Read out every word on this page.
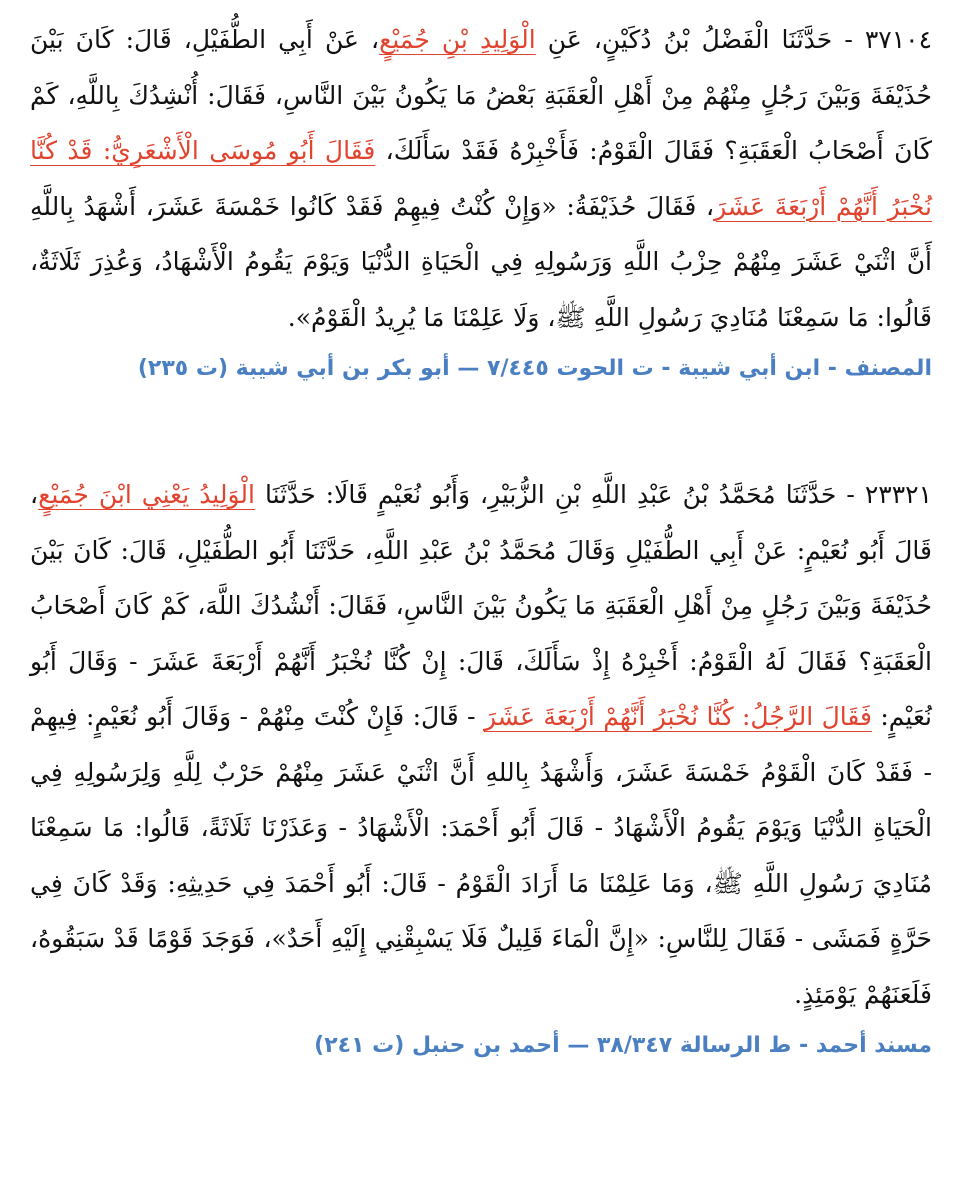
٣٧١٠٤ - حَدَّثَنَا الْفَضْلُ بْنُ دُكَيْنٍ، عَنِ الْوَلِيدِ بْنِ جُمَيْعٍ، عَنْ أَبِي الطُّفَيْلِ، قَالَ: كَانَ بَيْنَ حُذَيْفَةَ وَبَيْنَ رَجُلٍ مِنْهُمْ مِنْ أَهْلِ الْعَقَبَةِ بَعْضُ مَا يَكُونُ بَيْنَ النَّاسِ، فَقَالَ: أُنْشِدُكَ بِاللَّهِ، كَمْ كَانَ أَصْحَابُ الْعَقَبَةِ؟ فَقَالَ الْقَوْمُ: فَأَخْبِرْهُ فَقَدْ سَأَلَكَ، فَقَالَ أَبُو مُوسَى الْأَشْعَرِيُّ: قَدْ كُنَّا نُخْبَرُ أَنَّهُمْ أَرْبَعَةَ عَشَرَ، فَقَالَ حُذَيْفَةُ: «وَإِنْ كُنْتُ فِيهِمْ فَقَدْ كَانُوا خَمْسَةَ عَشَرَ، أَشْهَدُ بِاللَّهِ أَنَّ اثْنَيْ عَشَرَ مِنْهُمْ حِزْبُ اللَّهِ وَرَسُولِهِ فِي الْحَيَاةِ الدُّنْيَا وَيَوْمَ يَقُومُ الْأَشْهَادُ، وَعُذِرَ ثَلَاثَةٌ، قَالُوا: مَا سَمِعْنَا مُنَادِيَ رَسُولِ اللَّهِ ﷺ، وَلَا عَلِمْنَا مَا يُرِيدُ الْقَوْمُ».

المصنف - ابن أبي شيبة - ت الحوت ٧/٤٤٥ — أبو بكر بن أبي شيبة (ت ٢٣٥)

٢٣٣٢١ - حَدَّثَنَا مُحَمَّدُ بْنُ عَبْدِ اللَّهِ بْنِ الزُّبَيْرِ، وَأَبُو نُعَيْمٍ قَالَا: حَدَّثَنَا الْوَلِيدُ يَعْنِي ابْنَ جُمَيْعٍ، قَالَ أَبُو نُعَيْمٍ: عَنْ أَبِي الطُّفَيْلِ وَقَالَ مُحَمَّدُ بْنُ عَبْدِ اللَّهِ، حَدَّثَنَا أَبُو الطُّفَيْلِ، قَالَ: كَانَ بَيْنَ حُذَيْفَةَ وَبَيْنَ رَجُلٍ مِنْ أَهْلِ الْعَقَبَةِ مَا يَكُونُ بَيْنَ النَّاسِ، فَقَالَ: أَنْشُدُكَ اللَّهَ، كَمْ كَانَ أَصْحَابُ الْعَقَبَةِ؟ فَقَالَ لَهُ الْقَوْمُ: أَخْبِرْهُ إِذْ سَأَلَكَ، قَالَ: إِنْ كُنَّا نُخْبَرُ أَنَّهُمْ أَرْبَعَةَ عَشَرَ - وَقَالَ أَبُو نُعَيْمٍ: فَقَالَ الرَّجُلُ: كُنَّا نُخْبَرُ أَنَّهُمْ أَرْبَعَةَ عَشَرَ - قَالَ: فَإِنْ كُنْتَ مِنْهُمْ - وَقَالَ أَبُو نُعَيْمٍ: فِيهِمْ - فَقَدْ كَانَ الْقَوْمُ خَمْسَةَ عَشَرَ، وَأَشْهَدُ بِاللهِ أَنَّ اثْنَيْ عَشَرَ مِنْهُمْ حَرْبٌ لِلَّهِ وَلِرَسُولِهِ فِي الْحَيَاةِ الدُّنْيَا وَيَوْمَ يَقُومُ الْأَشْهَادُ - قَالَ أَبُو أَحْمَدَ: الْأَشْهَادُ - وَعَذَرْنَا ثَلَاثَةً، قَالُوا: مَا سَمِعْنَا مُنَادِيَ رَسُولِ اللَّهِ ﷺ، وَمَا عَلِمْنَا مَا أَرَادَ الْقَوْمُ - قَالَ: أَبُو أَحْمَدَ فِي حَدِيثِهِ: وَقَدْ كَانَ فِي حَرَّةٍ فَمَشَى - فَقَالَ لِلنَّاسِ: «إِنَّ الْمَاءَ قَلِيلٌ فَلَا يَسْبِقْنِي إِلَيْهِ أَحَدٌ»، فَوَجَدَ قَوْمًا قَدْ سَبَقُوهُ، فَلَعَنَهُمْ يَوْمَئِذٍ.

مسند أحمد - ط الرسالة ٣٨/٣٤٧ — أحمد بن حنبل (ت ٢٤١)
